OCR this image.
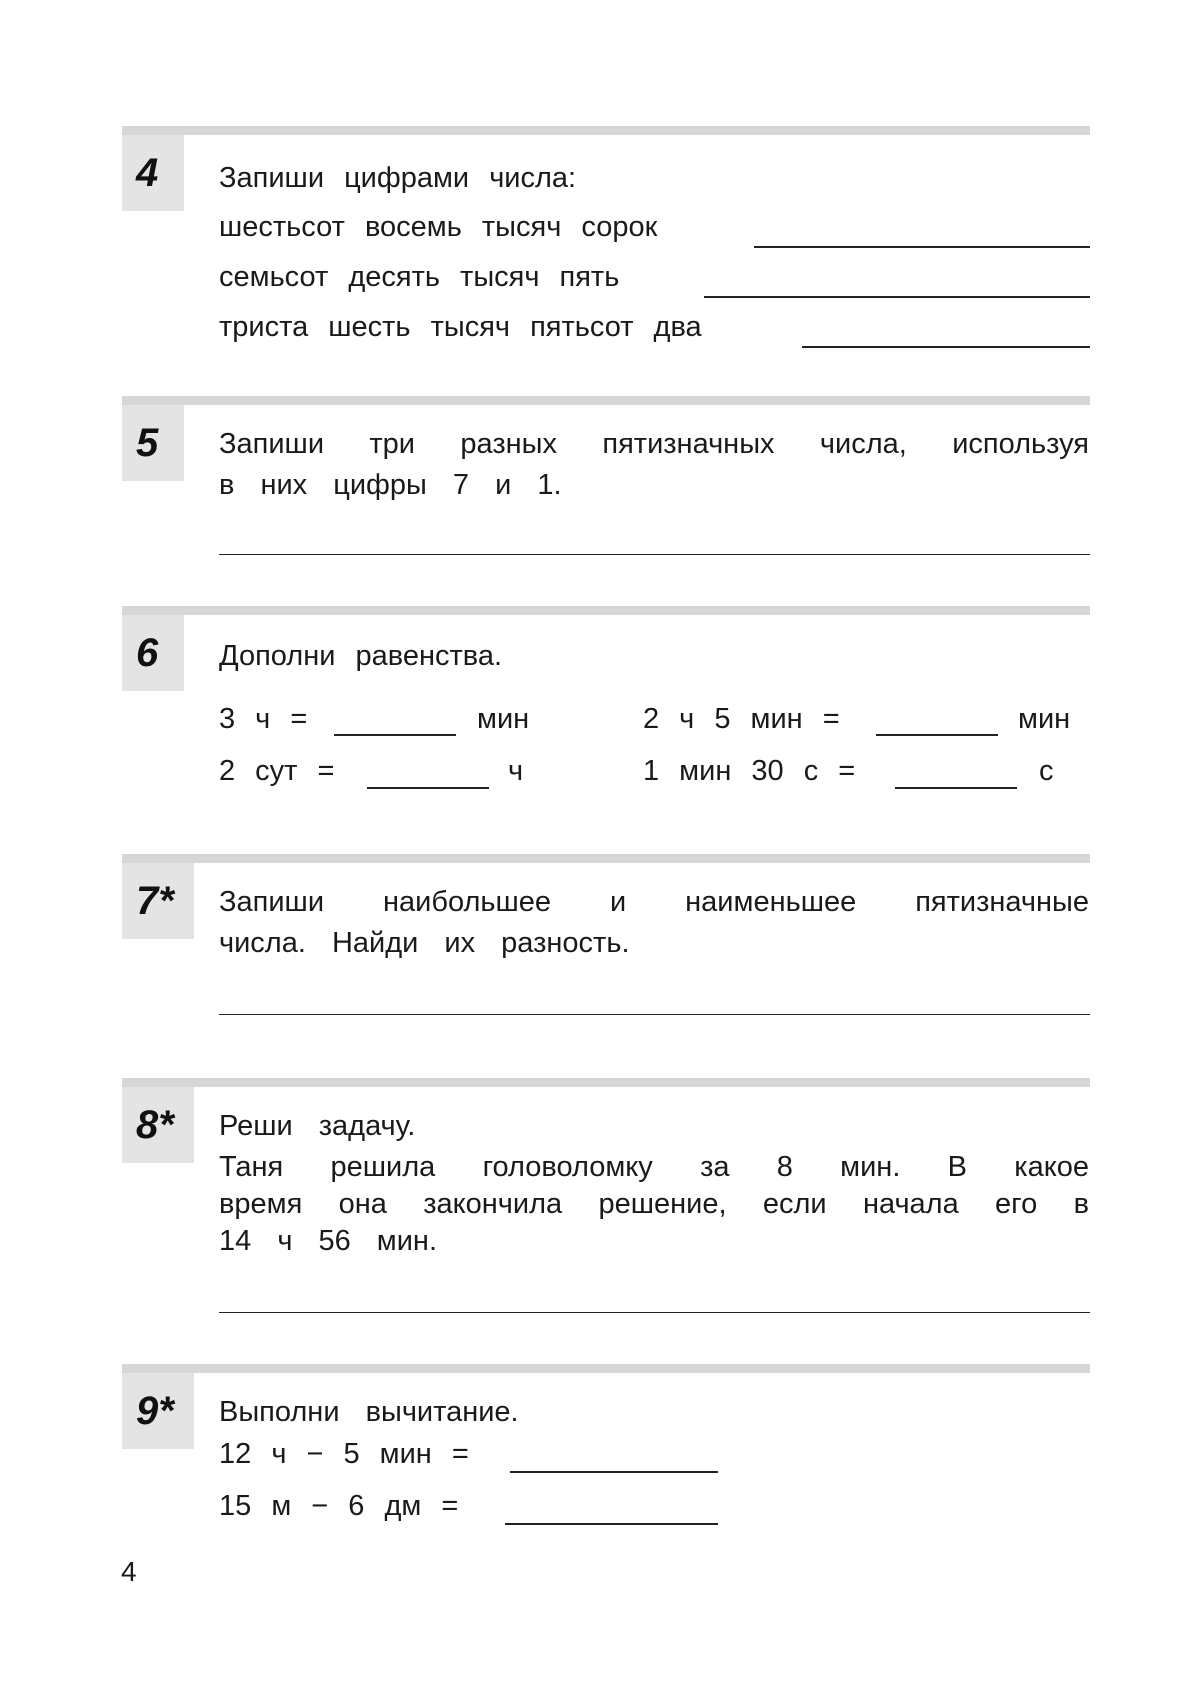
4	Запиши цифрами числа:
шестьсот восемь тысяч сорок
семьсот десять тысяч пять
триста шесть тысяч пятьсот два
5	Запиши три разных пятизначных числа, используя
в них цифры 7 и 1.
6	Дополни равенства.
3 ч =	мин	2 ч 5 мин =	мин
2 сут =	ч	1 мин 30 с =	с
7*	Запиши наибольшее и наименьшее пятизначные
числа. Найди их разность.
8*	Реши задачу.
Таня решила головоломку за 8 мин. В какое
время она закончила решение, если начала его в
14 ч 56 мин.
9*	Выполни вычитание.
12 ч − 5 мин =
15 м − 6 дм =
4
